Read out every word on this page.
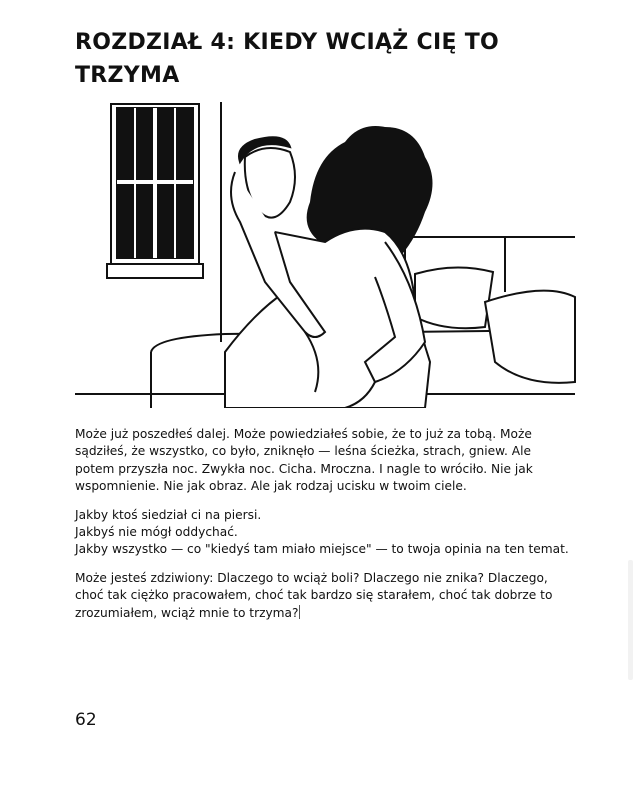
ROZDZIAŁ 4: KIEDY WCIĄŻ CIĘ TO TRZYMA

Może już poszedłeś dalej. Może powiedziałeś sobie, że to już za tobą. Może sądziłeś, że wszystko, co było, zniknęło — leśna ścieżka, strach, gniew. Ale potem przyszła noc. Zwykła noc. Cicha. Mroczna. I nagle to wróciło. Nie jak wspomnienie. Nie jak obraz. Ale jak rodzaj ucisku w twoim ciele.

Jakby ktoś siedział ci na piersi.
Jakbyś nie mógł oddychać.
Jakby wszystko — co "kiedyś tam miało miejsce" — to twoja opinia na ten temat.

Może jesteś zdziwiony: Dlaczego to wciąż boli? Dlaczego nie znika? Dlaczego, choć tak ciężko pracowałem, choć tak bardzo się starałem, choć tak dobrze to zrozumiałem, wciąż mnie to trzyma?

62
